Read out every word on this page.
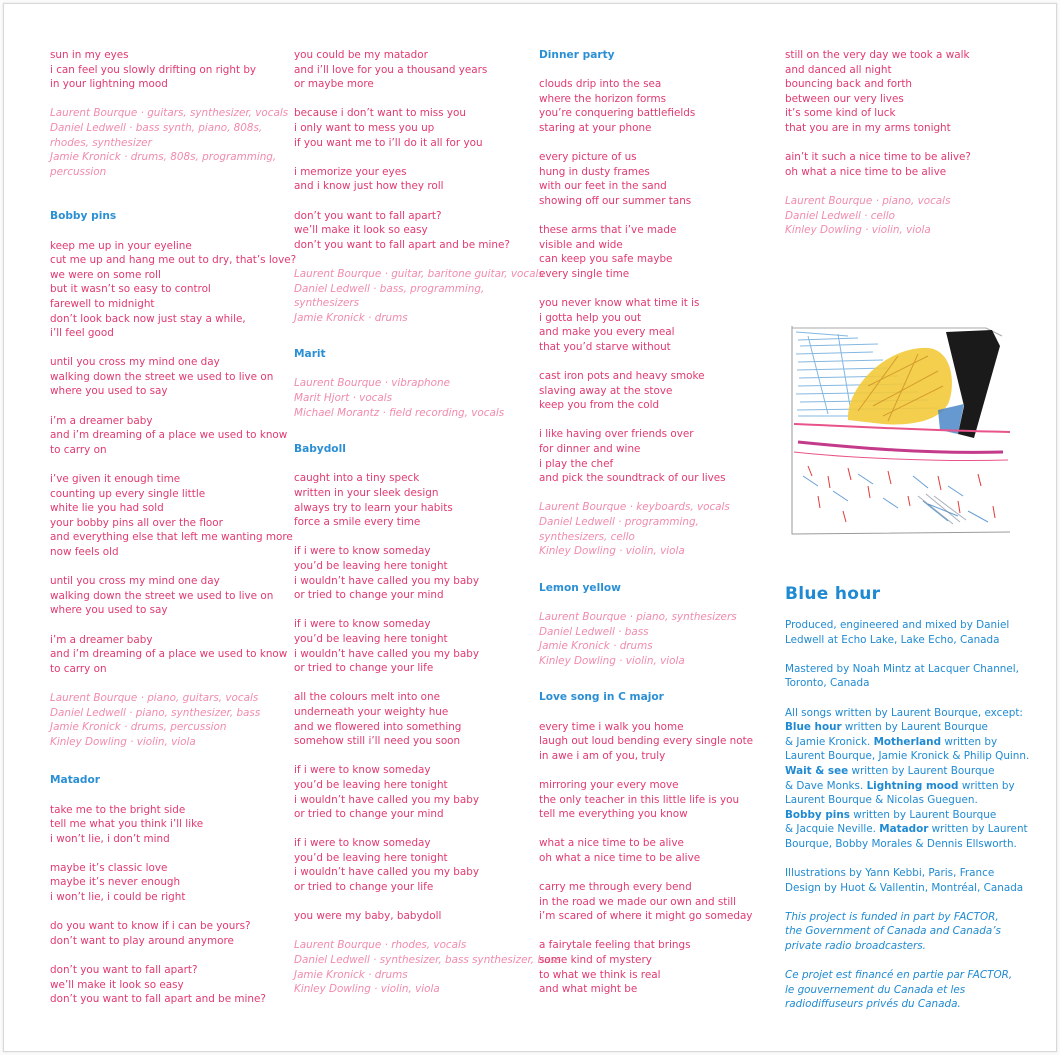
sun in my eyes

i can feel you slowly drifting on right by

in your lightning mood

Laurent Bourque · guitars, synthesizer, vocals

Daniel Ledwell · bass synth, piano, 808s,

rhodes, synthesizer

Jamie Kronick · drums, 808s, programming,

percussion

Bobby pins

keep me up in your eyeline

cut me up and hang me out to dry, that’s love?

we were on some roll

but it wasn’t so easy to control

farewell to midnight

don’t look back now just stay a while,

i’ll feel good

until you cross my mind one day

walking down the street we used to live on

where you used to say

i’m a dreamer baby

and i’m dreaming of a place we used to know

to carry on

i’ve given it enough time

counting up every single little

white lie you had sold

your bobby pins all over the floor

and everything else that left me wanting more

now feels old

until you cross my mind one day

walking down the street we used to live on

where you used to say

i’m a dreamer baby

and i’m dreaming of a place we used to know

to carry on

Laurent Bourque · piano, guitars, vocals

Daniel Ledwell · piano, synthesizer, bass

Jamie Kronick · drums, percussion

Kinley Dowling · violin, viola

Matador

take me to the bright side

tell me what you think i’ll like

i won’t lie, i don’t mind

maybe it’s classic love

maybe it’s never enough

i won’t lie, i could be right

do you want to know if i can be yours?

don’t want to play around anymore

don’t you want to fall apart?

we’ll make it look so easy

don’t you want to fall apart and be mine?

you could be my matador

and i’ll love for you a thousand years

or maybe more

because i don’t want to miss you

i only want to mess you up

if you want me to i’ll do it all for you

i memorize your eyes

and i know just how they roll

don’t you want to fall apart?

we’ll make it look so easy

don’t you want to fall apart and be mine?

Laurent Bourque · guitar, baritone guitar, vocals

Daniel Ledwell · bass, programming,

synthesizers

Jamie Kronick · drums

Marit

Laurent Bourque · vibraphone

Marit Hjort · vocals

Michael Morantz · field recording, vocals

Babydoll

caught into a tiny speck

written in your sleek design

always try to learn your habits

force a smile every time

if i were to know someday

you’d be leaving here tonight

i wouldn’t have called you my baby

or tried to change your mind

if i were to know someday

you’d be leaving here tonight

i wouldn’t have called you my baby

or tried to change your life

all the colours melt into one

underneath your weighty hue

and we flowered into something

somehow still i’ll need you soon

if i were to know someday

you’d be leaving here tonight

i wouldn’t have called you my baby

or tried to change your mind

if i were to know someday

you’d be leaving here tonight

i wouldn’t have called you my baby

or tried to change your life

you were my baby, babydoll

Laurent Bourque · rhodes, vocals

Daniel Ledwell · synthesizer, bass synthesizer, bass

Jamie Kronick · drums

Kinley Dowling · violin, viola

Dinner party

clouds drip into the sea

where the horizon forms

you’re conquering battlefields

staring at your phone

every picture of us

hung in dusty frames

with our feet in the sand

showing off our summer tans

these arms that i’ve made

visible and wide

can keep you safe maybe

every single time

you never know what time it is

i gotta help you out

and make you every meal

that you’d starve without

cast iron pots and heavy smoke

slaving away at the stove

keep you from the cold

i like having over friends over

for dinner and wine

i play the chef

and pick the soundtrack of our lives

Laurent Bourque · keyboards, vocals

Daniel Ledwell · programming,

synthesizers, cello

Kinley Dowling · violin, viola

Lemon yellow

Laurent Bourque · piano, synthesizers

Daniel Ledwell · bass

Jamie Kronick · drums

Kinley Dowling · violin, viola

Love song in C major

every time i walk you home

laugh out loud bending every single note

in awe i am of you, truly

mirroring your every move

the only teacher in this little life is you

tell me everything you know

what a nice time to be alive

oh what a nice time to be alive

carry me through every bend

in the road we made our own and still

i’m scared of where it might go someday

a fairytale feeling that brings

some kind of mystery

to what we think is real

and what might be

still on the very day we took a walk

and danced all night

bouncing back and forth

between our very lives

it’s some kind of luck

that you are in my arms tonight

ain’t it such a nice time to be alive?

oh what a nice time to be alive

Laurent Bourque · piano, vocals

Daniel Ledwell · cello

Kinley Dowling · violin, viola

Blue hour

Produced, engineered and mixed by Daniel

Ledwell at Echo Lake, Lake Echo, Canada

Mastered by Noah Mintz at Lacquer Channel,

Toronto, Canada

All songs written by Laurent Bourque, except:

Blue hour written by Laurent Bourque

& Jamie Kronick. Motherland written by

Laurent Bourque, Jamie Kronick & Philip Quinn.

Wait & see written by Laurent Bourque

& Dave Monks. Lightning mood written by

Laurent Bourque & Nicolas Gueguen.

Bobby pins written by Laurent Bourque

& Jacquie Neville. Matador written by Laurent

Bourque, Bobby Morales & Dennis Ellsworth.

Illustrations by Yann Kebbi, Paris, France

Design by Huot & Vallentin, Montréal, Canada

This project is funded in part by FACTOR,

the Government of Canada and Canada’s

private radio broadcasters.

Ce projet est financé en partie par FACTOR,

le gouvernement du Canada et les

radiodiffuseurs privés du Canada.
